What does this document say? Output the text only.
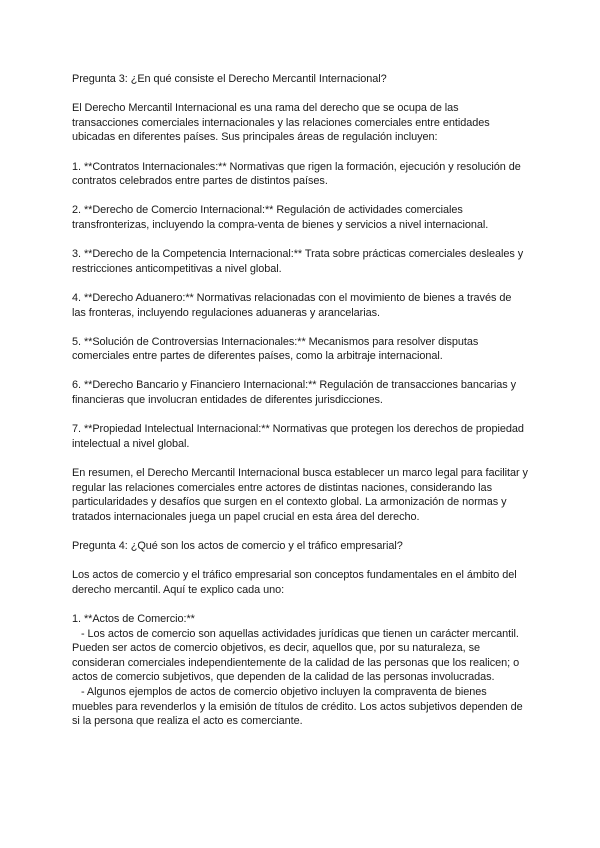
Pregunta 3: ¿En qué consiste el Derecho Mercantil Internacional?

El Derecho Mercantil Internacional es una rama del derecho que se ocupa de las transacciones comerciales internacionales y las relaciones comerciales entre entidades ubicadas en diferentes países. Sus principales áreas de regulación incluyen:

1. **Contratos Internacionales:** Normativas que rigen la formación, ejecución y resolución de contratos celebrados entre partes de distintos países.

2. **Derecho de Comercio Internacional:** Regulación de actividades comerciales transfronterizas, incluyendo la compra-venta de bienes y servicios a nivel internacional.

3. **Derecho de la Competencia Internacional:** Trata sobre prácticas comerciales desleales y restricciones anticompetitivas a nivel global.

4. **Derecho Aduanero:** Normativas relacionadas con el movimiento de bienes a través de las fronteras, incluyendo regulaciones aduaneras y arancelarias.

5. **Solución de Controversias Internacionales:** Mecanismos para resolver disputas comerciales entre partes de diferentes países, como la arbitraje internacional.

6. **Derecho Bancario y Financiero Internacional:** Regulación de transacciones bancarias y financieras que involucran entidades de diferentes jurisdicciones.

7. **Propiedad Intelectual Internacional:** Normativas que protegen los derechos de propiedad intelectual a nivel global.

En resumen, el Derecho Mercantil Internacional busca establecer un marco legal para facilitar y regular las relaciones comerciales entre actores de distintas naciones, considerando las particularidades y desafíos que surgen en el contexto global. La armonización de normas y tratados internacionales juega un papel crucial en esta área del derecho.

Pregunta 4: ¿Qué son los actos de comercio y el tráfico empresarial?

Los actos de comercio y el tráfico empresarial son conceptos fundamentales en el ámbito del derecho mercantil. Aquí te explico cada uno:

1. **Actos de Comercio:**

- Los actos de comercio son aquellas actividades jurídicas que tienen un carácter mercantil. Pueden ser actos de comercio objetivos, es decir, aquellos que, por su naturaleza, se consideran comerciales independientemente de la calidad de las personas que los realicen; o actos de comercio subjetivos, que dependen de la calidad de las personas involucradas.

- Algunos ejemplos de actos de comercio objetivo incluyen la compraventa de bienes muebles para revenderlos y la emisión de títulos de crédito. Los actos subjetivos dependen de si la persona que realiza el acto es comerciante.
